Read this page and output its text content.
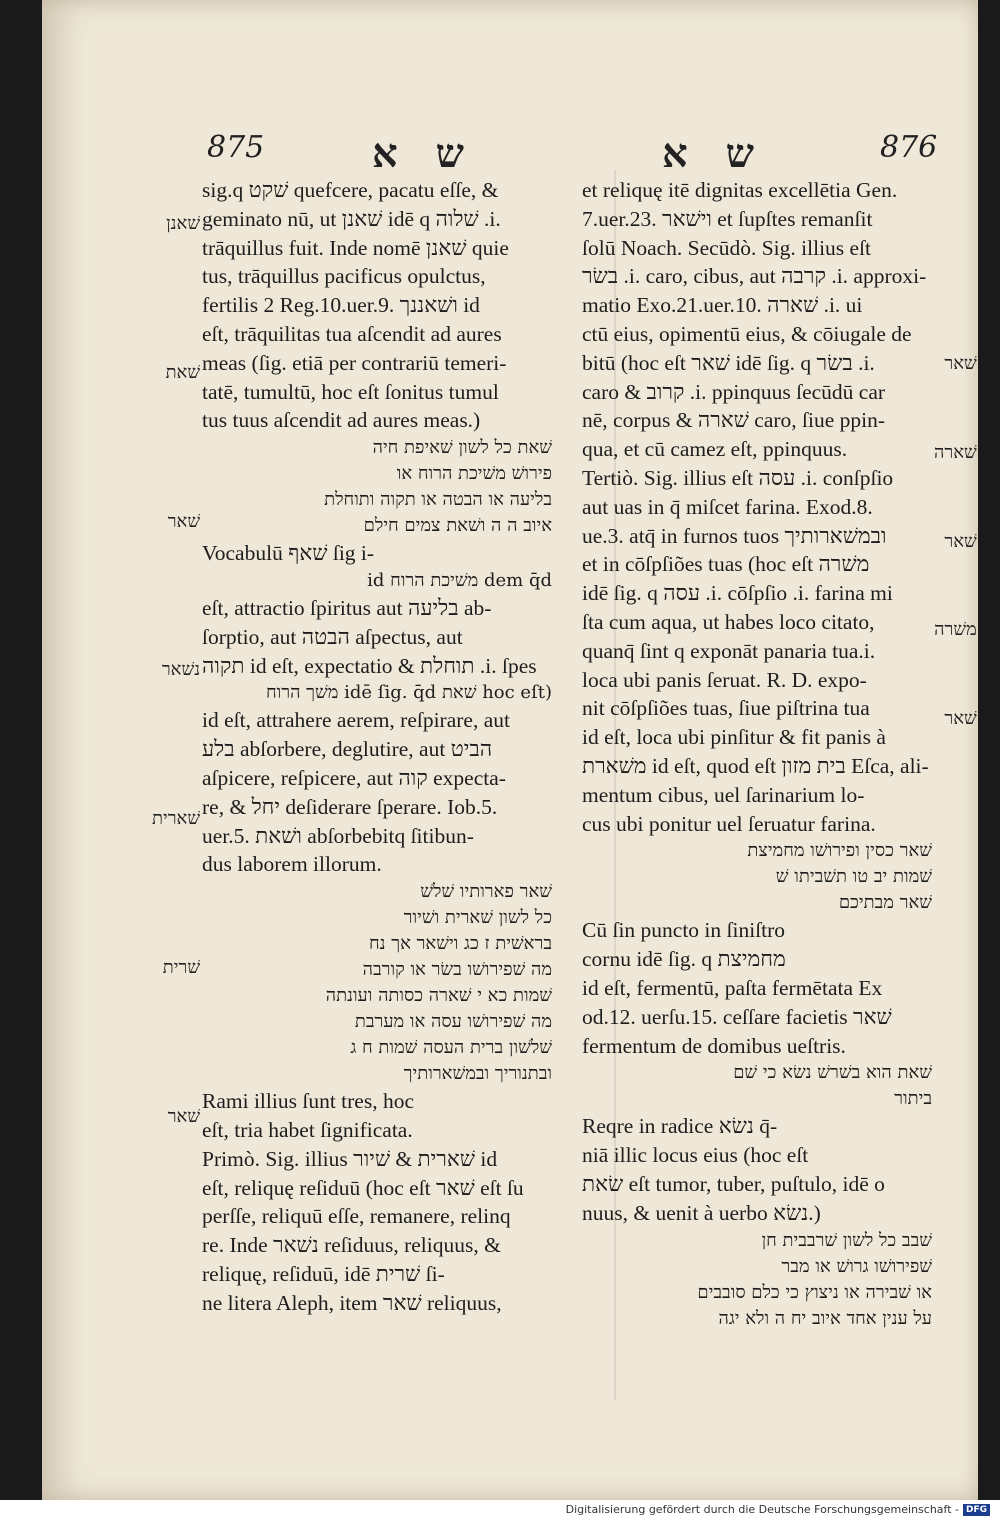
875	ש א	ש א	876

sig.q שׁקט quefcere, pacatu eſſe, &

geminato nū, ut שׁאנן idē q שׁלוה .i.

trāquillus fuit. Inde nomē שׁאנן quie

tus, trāquillus pacificus opulctus,

fertilis 2 Reg.10.uer.9. ושׁאננך id

eſt, trāquilitas tua aſcendit ad aures

meas (ſig. etiā per contrariū temeri-

tatē, tumultū, hoc eſt ſonitus tumul

tus tuus aſcendit ad aures meas.)

שׁאת כל לשון שׁאיפת חיה

פירושׁ משׁיכת הרוח או

בליעה או הבטה או תקוה ותוחלת

איוב ה ה ושׁאת צמים חילם

Vocabulū שׁאף ſig i-

dem q̄d משׁיכת הרוח id

eſt, attractio ſpiritus aut בליעה ab-

ſorptio, aut הבטה aſpectus, aut

תקוה id eſt, expectatio & תוחלת .i. ſpes

(hoc eſt שׁאת idē ſig. q̄d משׁך הרוח

id eſt, attrahere aerem, reſpirare, aut

בלע abſorbere, deglutire, aut הביט

aſpicere, reſpicere, aut קוה expecta-

re, & יחל deſiderare ſperare. Iob.5.

uer.5. ושׁאת abſorbebitq ſitibun-

dus laborem illorum.

שׁאר פארותיו שׁלשׁ

כל לשון שׁארית ושׁיור

בראשׁית ז כג וישׁאר אך נח

מה שׁפירושׁו בשׂר או קורבה

שׁמות כא י שׁארה כסותה ועונתה

מה שׁפירושׁו עסה או מערבת

שׁלשׁון ברית העסה שׁמות ח ג

ובתנוריך ובמשׁארותיך

Rami illius ſunt tres, hoc

eſt, tria habet ſignificata.

Primò. Sig. illius שׁארית & שׁיור id

eſt, reliquę reſiduū (hoc eſt שׁאר eſt ſu

perſſe, reliquū eſſe, remanere, relinq

re. Inde נשׁאר reſiduus, reliquus, &

reliquę, reſiduū, idē שׁרית ſi-

ne litera Aleph, item שׁאר reliquus,

et reliquę itē dignitas excellētia Gen.

7.uer.23. וישׁאר et ſupſtes remanſit

ſolū Noach. Secūdò. Sig. illius eſt

בשׂר .i. caro, cibus, aut קרבה .i. approxi-

matio Exo.21.uer.10. שׁארה .i. ui

ctū eius, opimentū eius, & cōiugale de

bitū (hoc eſt שׁאר idē ſig. q בשׂר .i.

caro & קרוב .i. ppinquus ſecūdū car

nē, corpus & שׁארה caro, ſiue ppin-

qua, et cū camez eſt, ppinquus.

Tertiò. Sig. illius eſt עסה .i. conſpſio

aut uas in q̄ miſcet farina. Exod.8.

ue.3. atq̄ in furnos tuos ובמשׁארותיך

et in cōſpſiões tuas (hoc eſt משׁרה

idē ſig. q עסה .i. cōſpſio .i. farina mi

ſta cum aqua, ut habes loco citato,

quanq̄ ſint q exponāt panaria tua.i.

loca ubi panis ſeruat. R. D. expo-

nit cōſpſiões tuas, ſiue piſtrina tua

id eſt, loca ubi pinſitur & fit panis à

משׁארת id eſt, quod eſt בית מזון Eſca, ali-

mentum cibus, uel ſarinarium lo-

cus ubi ponitur uel ſeruatur farina.

שׁאר כסין ופירושׁו מחמיצת

שׁמות יב טו תשׁביתו שׁ

שׁאר מבתיכם

Cū ſin puncto in ſiniſtro

cornu idē ſig. q מחמיצת

id eſt, fermentū, paſta fermētata Ex

od.12. uerſu.15. ceſſare facietis שׁאר

fermentum de domibus ueſtris.

שׁאת הוא בשׁרשׁ נשׂא כי שׁם

ביתור

Reqre in radice נשׂא q̄-

niā illic locus eius (hoc eſt

שׂאת eſt tumor, tuber, puſtulo, idē o

nuus, & uenit à uerbo נשׂא.)

שׁבב כל לשון שׁרבבית חן

שׁפירושׁו גרושׁ או מבר

או שׁבירה או ניצוץ כי כלם סובבים

על ענין אחד איוב יח ה ולא יגה

שׁאנן

שׁאת

שׁאר

נשׁאר

שׁארית

שׁרית

שׁאר

שׁאר

שׁארה

שׁאר

משׁרה

שׁאר

Digitalisierung gefördert durch die Deutsche Forschungsgemeinschaft - DFG
